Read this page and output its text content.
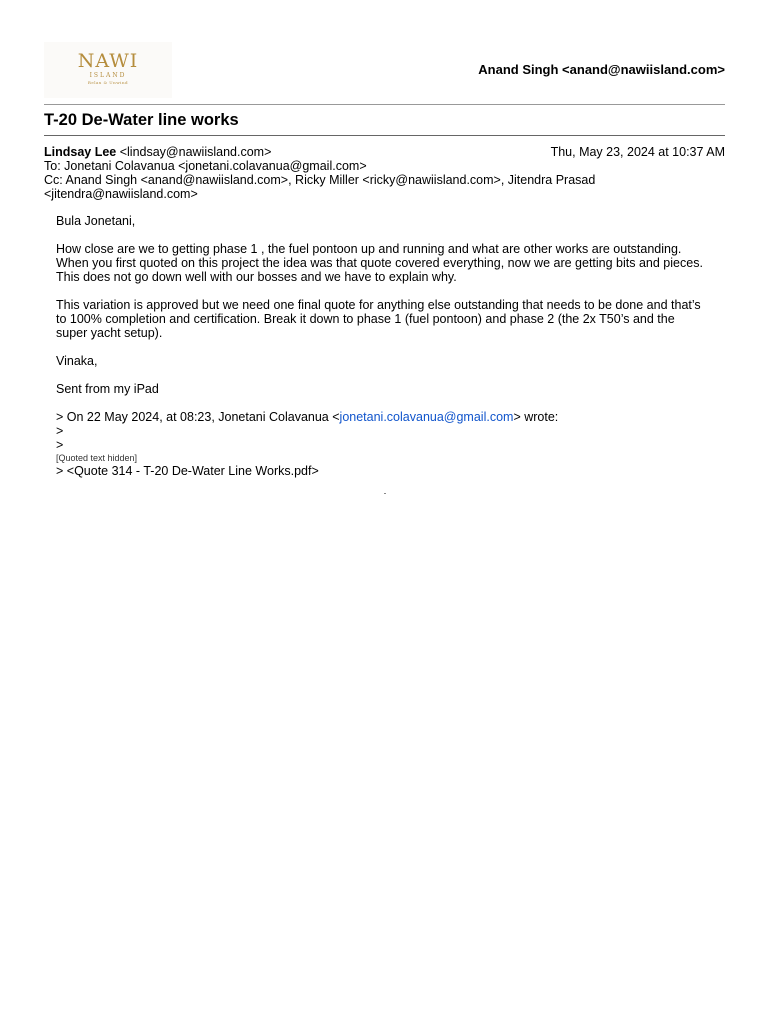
NAWI
ISLAND
Relax & Unwind
Anand Singh <anand@nawiisland.com>
T-20 De-Water line works
Lindsay Lee <lindsay@nawiisland.com>	Thu, May 23, 2024 at 10:37 AM
To: Jonetani Colavanua <jonetani.colavanua@gmail.com>
Cc: Anand Singh <anand@nawiisland.com>, Ricky Miller <ricky@nawiisland.com>, Jitendra Prasad
<jitendra@nawiisland.com>

Bula Jonetani,

How close are we to getting phase 1 , the fuel pontoon up and running and what are other works are outstanding.
When you first quoted on this project the idea was that quote covered everything, now we are getting bits and pieces.
This does not go down well with our bosses and we have to explain why.

This variation is approved but we need one final quote for anything else outstanding that needs to be done and that’s
to 100% completion and certification. Break it down to phase 1 (fuel pontoon) and phase 2 (the 2x T50’s and the
super yacht setup).

Vinaka,

Sent from my iPad

> On 22 May 2024, at 08:23, Jonetani Colavanua <jonetani.colavanua@gmail.com> wrote:
>
>
[Quoted text hidden]
> <Quote 314 - T-20 De-Water Line Works.pdf>
